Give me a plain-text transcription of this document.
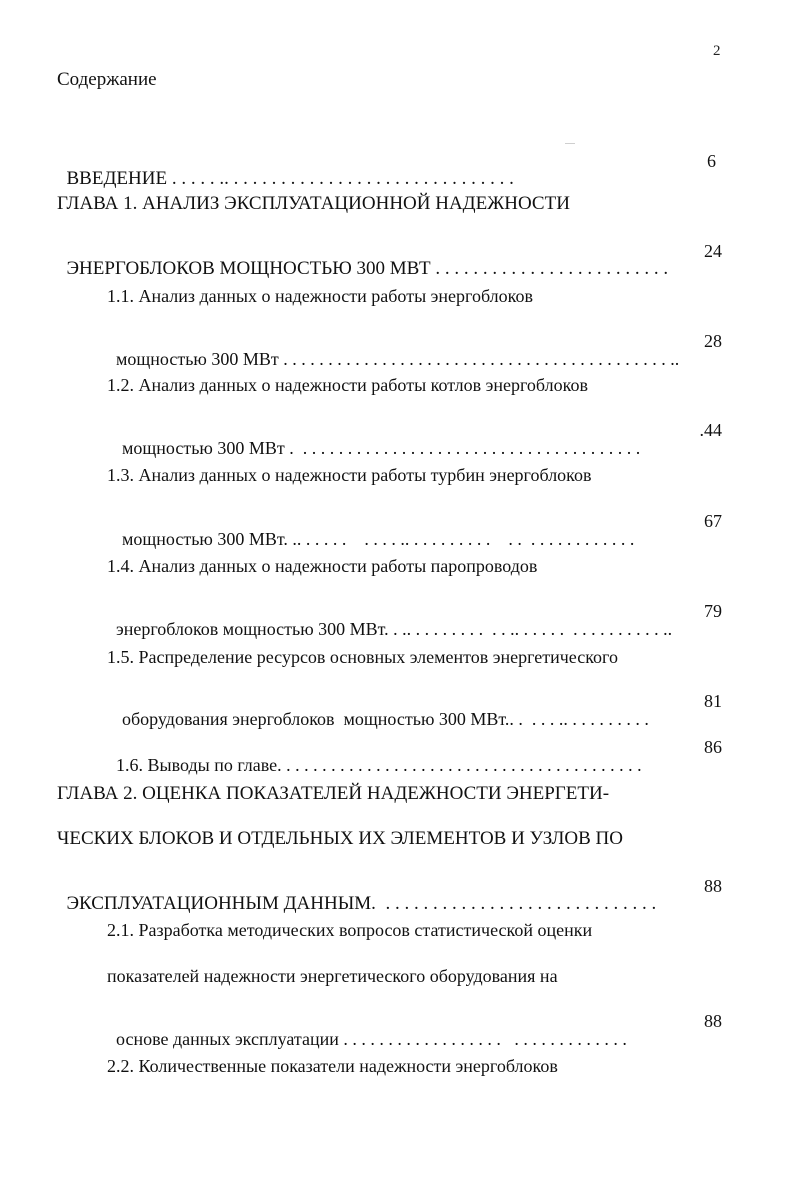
2
Содержание

ВВЕДЕНИЕ . . . . . .. . . . . . . . . . . . . . . . . . . . . . . . . . . . . . .

6
ГЛАВА 1. АНАЛИЗ ЭКСПЛУАТАЦИОННОЙ НАДЕЖНОСТИ

ЭНЕРГОБЛОКОВ МОЩНОСТЬЮ 300 МВТ . . . . . . . . . . . . . . . . . . . . . . . . .

24
1.1. Анализ данных о надежности работы энергоблоков

мощностью 300 МВт . . . . . . . . . . . . . . . . . . . . . . . . . . . . . . . . . . . . . . . . . . . ..

28
1.2. Анализ данных о надежности работы котлов энергоблоков

мощностью 300 МВт .  . . . . . . . . . . . . . . . . . . . . . . . . . . . . . . . . . . . . . .

.44
1.3. Анализ данных о надежности работы турбин энергоблоков

мощностью 300 МВт. .. . . . . .    . . . . .. . . . . . . . . .    . .  . . . . . . . . . . . .

67
1.4. Анализ данных о надежности работы паропроводов

энергоблоков мощностью 300 МВт. . .. . . . . . . . .  . . .. . . . . .  . . . . . . . . . . ..

79
1.5. Распределение ресурсов основных элементов энергетического

оборудования энергоблоков  мощностью 300 МВт.. .  . . . .. . . . . . . . . .

81

1.6. Выводы по главе. . . . . . . . . . . . . . . . . . . . . . . . . . . . . . . . . . . . . . . . .

86
ГЛАВА 2. ОЦЕНКА ПОКАЗАТЕЛЕЙ НАДЕЖНОСТИ ЭНЕРГЕТИ-
ЧЕСКИХ БЛОКОВ И ОТДЕЛЬНЫХ ИХ ЭЛЕМЕНТОВ И УЗЛОВ ПО

ЭКСПЛУАТАЦИОННЫМ ДАННЫМ.  . . . . . . . . . . . . . . . . . . . . . . . . . . . . .

88
2.1. Разработка методических вопросов статистической оценки
показателей надежности энергетического оборудования на

основе данных эксплуатации . . . . . . . . . . . . . . . . . .   . . . . . . . . . . . . .

88
2.2. Количественные показатели надежности энергоблоков
